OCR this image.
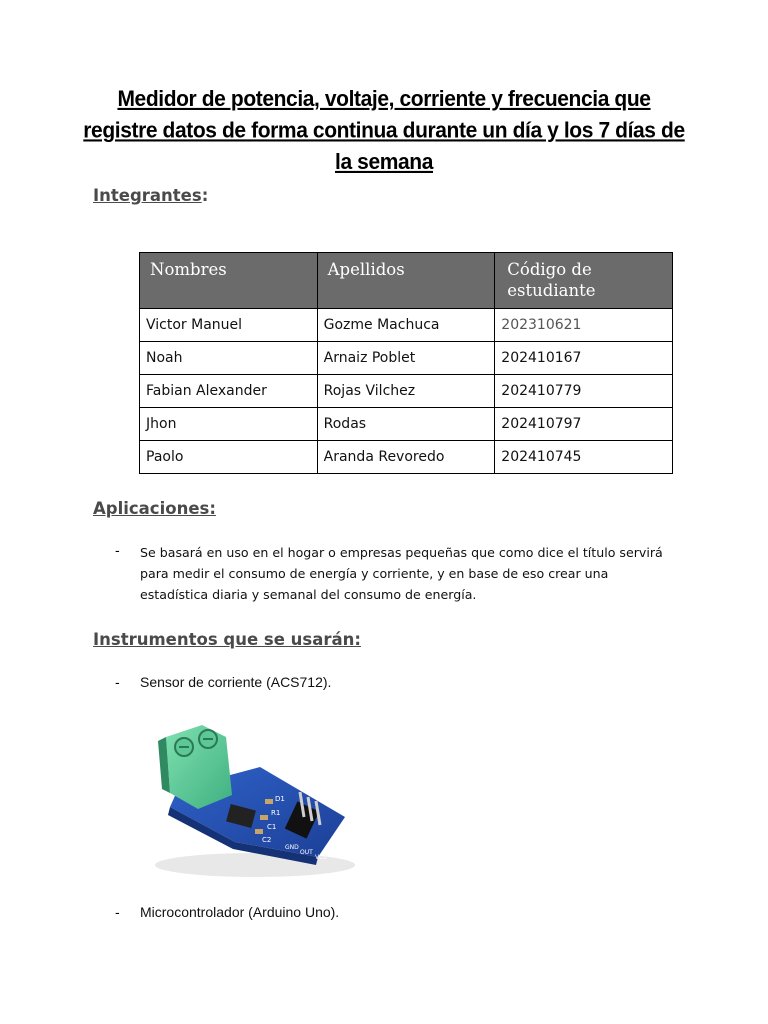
Medidor de potencia, voltaje, corriente y frecuencia que registre datos de forma continua durante un día y los 7 días de la semana
Integrantes:
Nombres	Apellidos	Código de estudiante
Victor Manuel	Gozme Machuca	202310621
Noah	Arnaiz Poblet	202410167
Fabian Alexander	Rojas Vilchez	202410779
Jhon	Rodas	202410797
Paolo	Aranda Revoredo	202410745
Aplicaciones:
- Se basará en uso en el hogar o empresas pequeñas que como dice el título servirá para medir el consumo de energía y corriente, y en base de eso crear una estadística diaria y semanal del consumo de energía.
Instrumentos que se usarán:
- Sensor de corriente (ACS712).
D1
R1
C1
C2
GND
OUT
VCC
- Microcontrolador (Arduino Uno).
